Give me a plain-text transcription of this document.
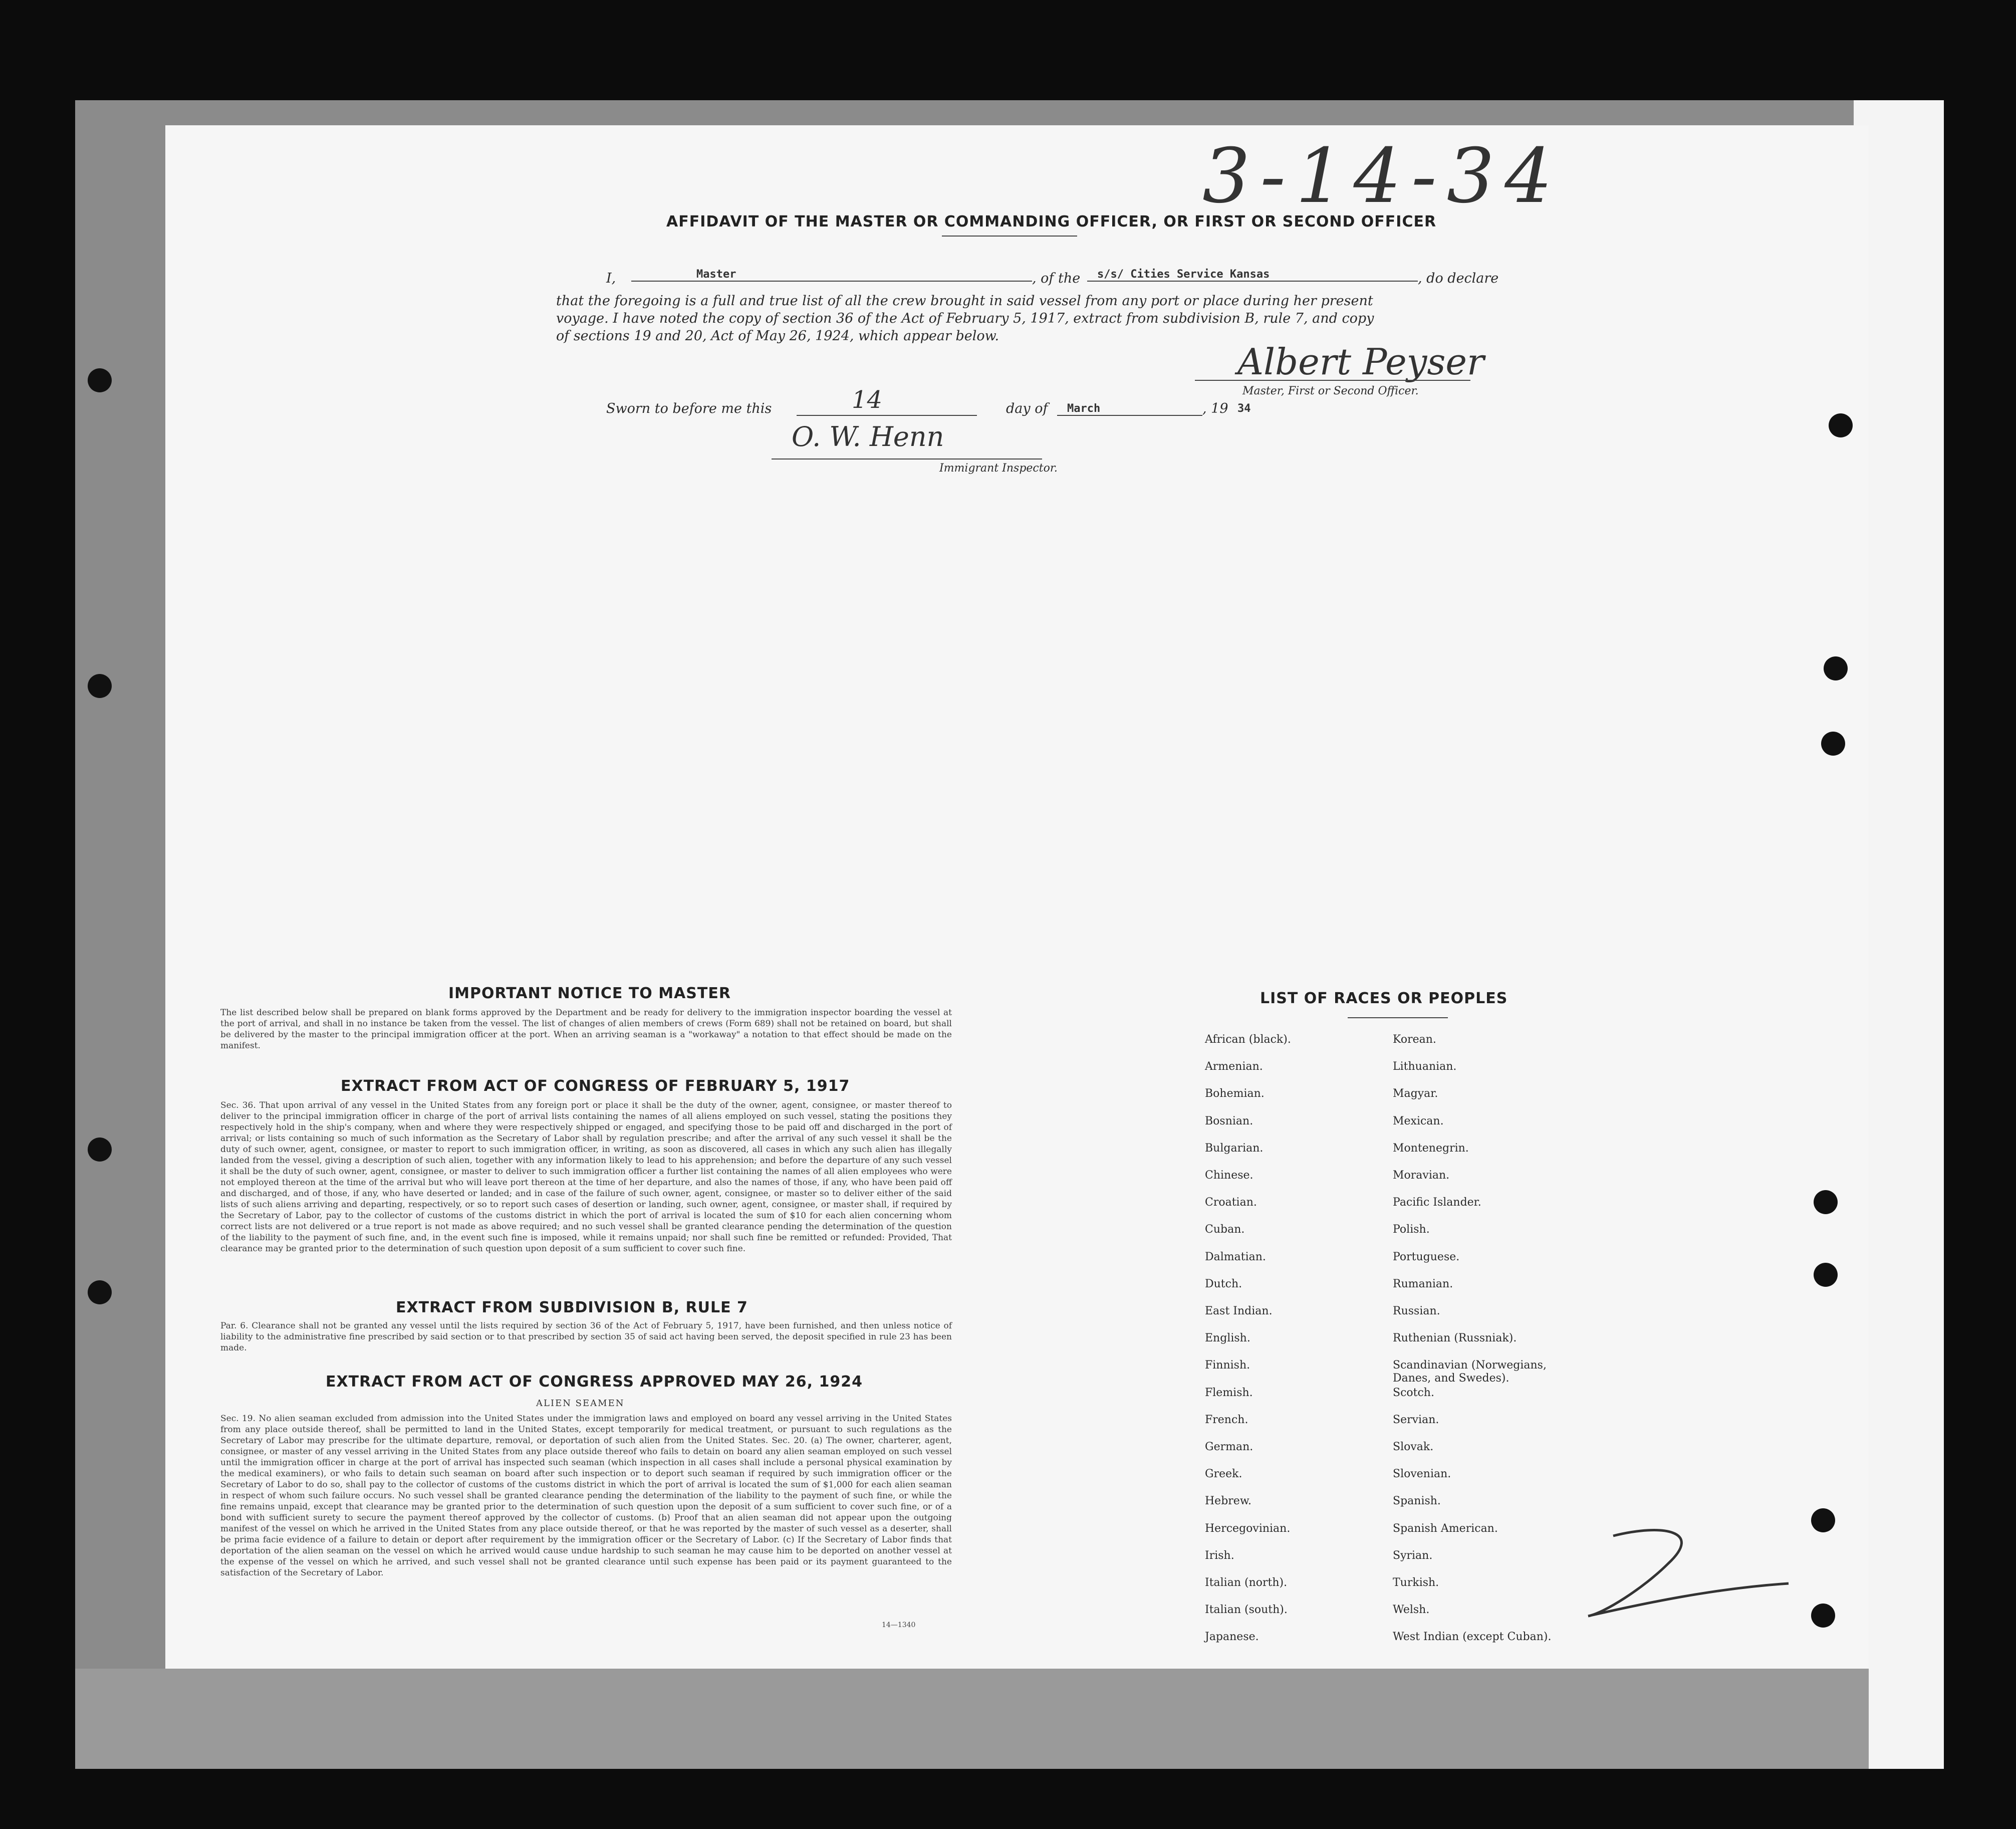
3-14-34
AFFIDAVIT OF THE MASTER OR COMMANDING OFFICER, OR FIRST OR SECOND OFFICER
I,	Master	, of the s/s/ Cities Service Kansas	, do declare
that the foregoing is a full and true list of all the crew brought in said vessel from any port or place during her present
voyage. I have noted the copy of section 36 of the Act of February 5, 1917, extract from subdivision B, rule 7, and copy
of sections 19 and 20, Act of May 26, 1924, which appear below.
Albert Peyser
Master, First or Second Officer.
Sworn to before me this	14	day of March	, 19 34
O. W. Henn
Immigrant Inspector.
IMPORTANT NOTICE TO MASTER
The list described below shall be prepared on blank forms approved by the Department and be ready for delivery to the immigration inspector boarding the vessel at the port of arrival, and shall in no instance be taken from the vessel. The list of changes of alien members of crews (Form 689) shall not be retained on board, but shall be delivered by the master to the principal immigration officer at the port. When an arriving seaman is a "workaway" a notation to that effect should be made on the manifest.
EXTRACT FROM ACT OF CONGRESS OF FEBRUARY 5, 1917
Sec. 36. That upon arrival of any vessel in the United States from any foreign port or place it shall be the duty of the owner, agent, consignee, or master thereof to deliver to the principal immigration officer in charge of the port of arrival lists containing the names of all aliens employed on such vessel, stating the positions they respectively hold in the ship's company, when and where they were respectively shipped or engaged, and specifying those to be paid off and discharged in the port of arrival; or lists containing so much of such information as the Secretary of Labor shall by regulation prescribe; and after the arrival of any such vessel it shall be the duty of such owner, agent, consignee, or master to report to such immigration officer, in writing, as soon as discovered, all cases in which any such alien has illegally landed from the vessel, giving a description of such alien, together with any information likely to lead to his apprehension; and before the departure of any such vessel it shall be the duty of such owner, agent, consignee, or master to deliver to such immigration officer a further list containing the names of all alien employees who were not employed thereon at the time of the arrival but who will leave port thereon at the time of her departure, and also the names of those, if any, who have been paid off and discharged, and of those, if any, who have deserted or landed; and in case of the failure of such owner, agent, consignee, or master so to deliver either of the said lists of such aliens arriving and departing, respectively, or so to report such cases of desertion or landing, such owner, agent, consignee, or master shall, if required by the Secretary of Labor, pay to the collector of customs of the customs district in which the port of arrival is located the sum of $10 for each alien concerning whom correct lists are not delivered or a true report is not made as above required; and no such vessel shall be granted clearance pending the determination of the question of the liability to the payment of such fine, and, in the event such fine is imposed, while it remains unpaid; nor shall such fine be remitted or refunded: Provided, That clearance may be granted prior to the determination of such question upon deposit of a sum sufficient to cover such fine.
EXTRACT FROM SUBDIVISION B, RULE 7
Par. 6. Clearance shall not be granted any vessel until the lists required by section 36 of the Act of February 5, 1917, have been furnished, and then unless notice of liability to the administrative fine prescribed by said section or to that prescribed by section 35 of said act having been served, the deposit specified in rule 23 has been made.
EXTRACT FROM ACT OF CONGRESS APPROVED MAY 26, 1924
ALIEN SEAMEN
Sec. 19. No alien seaman excluded from admission into the United States under the immigration laws and employed on board any vessel arriving in the United States from any place outside thereof, shall be permitted to land in the United States, except temporarily for medical treatment, or pursuant to such regulations as the Secretary of Labor may prescribe for the ultimate departure, removal, or deportation of such alien from the United States. Sec. 20. (a) The owner, charterer, agent, consignee, or master of any vessel arriving in the United States from any place outside thereof who fails to detain on board any alien seaman employed on such vessel until the immigration officer in charge at the port of arrival has inspected such seaman (which inspection in all cases shall include a personal physical examination by the medical examiners), or who fails to detain such seaman on board after such inspection or to deport such seaman if required by such immigration officer or the Secretary of Labor to do so, shall pay to the collector of customs of the customs district in which the port of arrival is located the sum of $1,000 for each alien seaman in respect of whom such failure occurs. No such vessel shall be granted clearance pending the determination of the liability to the payment of such fine, or while the fine remains unpaid, except that clearance may be granted prior to the determination of such question upon the deposit of a sum sufficient to cover such fine, or of a bond with sufficient surety to secure the payment thereof approved by the collector of customs. (b) Proof that an alien seaman did not appear upon the outgoing manifest of the vessel on which he arrived in the United States from any place outside thereof, or that he was reported by the master of such vessel as a deserter, shall be prima facie evidence of a failure to detain or deport after requirement by the immigration officer or the Secretary of Labor. (c) If the Secretary of Labor finds that deportation of the alien seaman on the vessel on which he arrived would cause undue hardship to such seaman he may cause him to be deported on another vessel at the expense of the vessel on which he arrived, and such vessel shall not be granted clearance until such expense has been paid or its payment guaranteed to the satisfaction of the Secretary of Labor.
14—1340
LIST OF RACES OR PEOPLES
African (black).
Armenian.
Bohemian.
Bosnian.
Bulgarian.
Chinese.
Croatian.
Cuban.
Dalmatian.
Dutch.
East Indian.
English.
Finnish.
Flemish.
French.
German.
Greek.
Hebrew.
Hercegovinian.
Irish.
Italian (north).
Italian (south).
Japanese.
Korean.
Lithuanian.
Magyar.
Mexican.
Montenegrin.
Moravian.
Pacific Islander.
Polish.
Portuguese.
Rumanian.
Russian.
Ruthenian (Russniak).
Scandinavian (Norwegians, Danes, and Swedes).
Scotch.
Servian.
Slovak.
Slovenian.
Spanish.
Spanish American.
Syrian.
Turkish.
Welsh.
West Indian (except Cuban).
